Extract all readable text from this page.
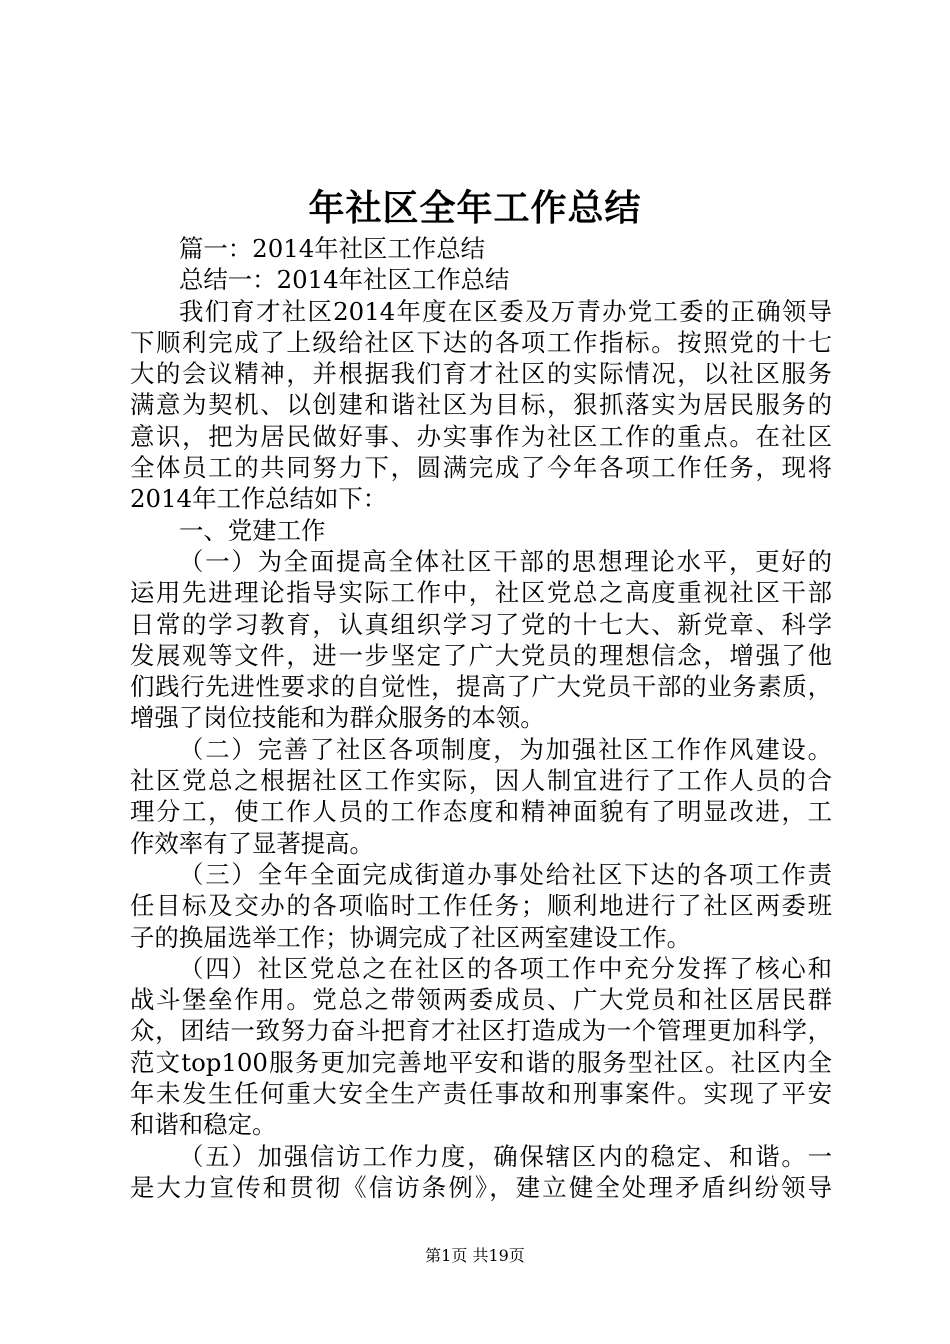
年社区全年工作总结
篇一：2014年社区工作总结
总结一：2014年社区工作总结
我们育才社区2014年度在区委及万青办党工委的正确领导
下顺利完成了上级给社区下达的各项工作指标。按照党的十七
大的会议精神，并根据我们育才社区的实际情况，以社区服务
满意为契机、以创建和谐社区为目标，狠抓落实为居民服务的
意识，把为居民做好事、办实事作为社区工作的重点。在社区
全体员工的共同努力下，圆满完成了今年各项工作任务，现将
2014年工作总结如下：
一、党建工作
（一）为全面提高全体社区干部的思想理论水平，更好的
运用先进理论指导实际工作中，社区党总之高度重视社区干部
日常的学习教育，认真组织学习了党的十七大、新党章、科学
发展观等文件，进一步坚定了广大党员的理想信念，增强了他
们践行先进性要求的自觉性，提高了广大党员干部的业务素质，
增强了岗位技能和为群众服务的本领。
（二）完善了社区各项制度，为加强社区工作作风建设。
社区党总之根据社区工作实际，因人制宜进行了工作人员的合
理分工，使工作人员的工作态度和精神面貌有了明显改进，工
作效率有了显著提高。
（三）全年全面完成街道办事处给社区下达的各项工作责
任目标及交办的各项临时工作任务；顺利地进行了社区两委班
子的换届选举工作；协调完成了社区两室建设工作。
（四）社区党总之在社区的各项工作中充分发挥了核心和
战斗堡垒作用。党总之带领两委成员、广大党员和社区居民群
众，团结一致努力奋斗把育才社区打造成为一个管理更加科学，
范文top100服务更加完善地平安和谐的服务型社区。社区内全
年未发生任何重大安全生产责任事故和刑事案件。实现了平安
和谐和稳定。
（五）加强信访工作力度，确保辖区内的稳定、和谐。一
是大力宣传和贯彻《信访条例》，建立健全处理矛盾纠纷领导
第1页 共19页
